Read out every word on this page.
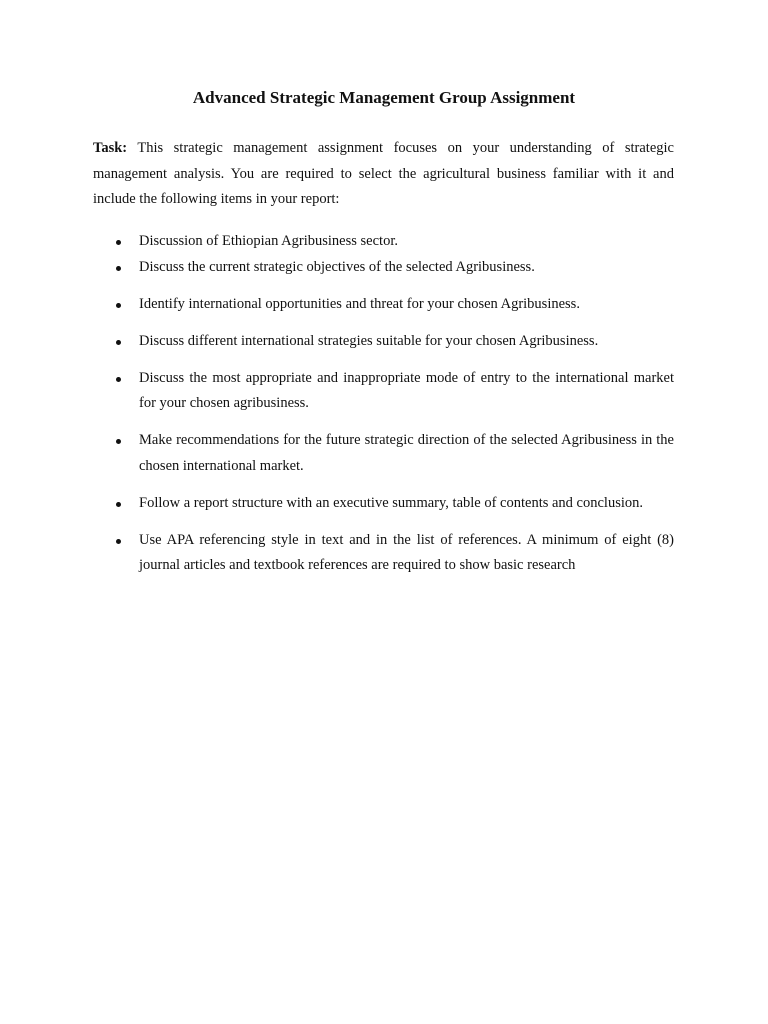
Advanced Strategic Management Group Assignment

Task: This strategic management assignment focuses on your understanding of strategic management analysis. You are required to select the agricultural business familiar with it and include the following items in your report:

Discussion of Ethiopian Agribusiness sector.
Discuss the current strategic objectives of the selected Agribusiness.
Identify international opportunities and threat for your chosen Agribusiness.
Discuss different international strategies suitable for your chosen Agribusiness.
Discuss the most appropriate and inappropriate mode of entry to the international market for your chosen agribusiness.
Make recommendations for the future strategic direction of the selected Agribusiness in the chosen international market.
Follow a report structure with an executive summary, table of contents and conclusion.
Use APA referencing style in text and in the list of references. A minimum of eight (8) journal articles and textbook references are required to show basic research
